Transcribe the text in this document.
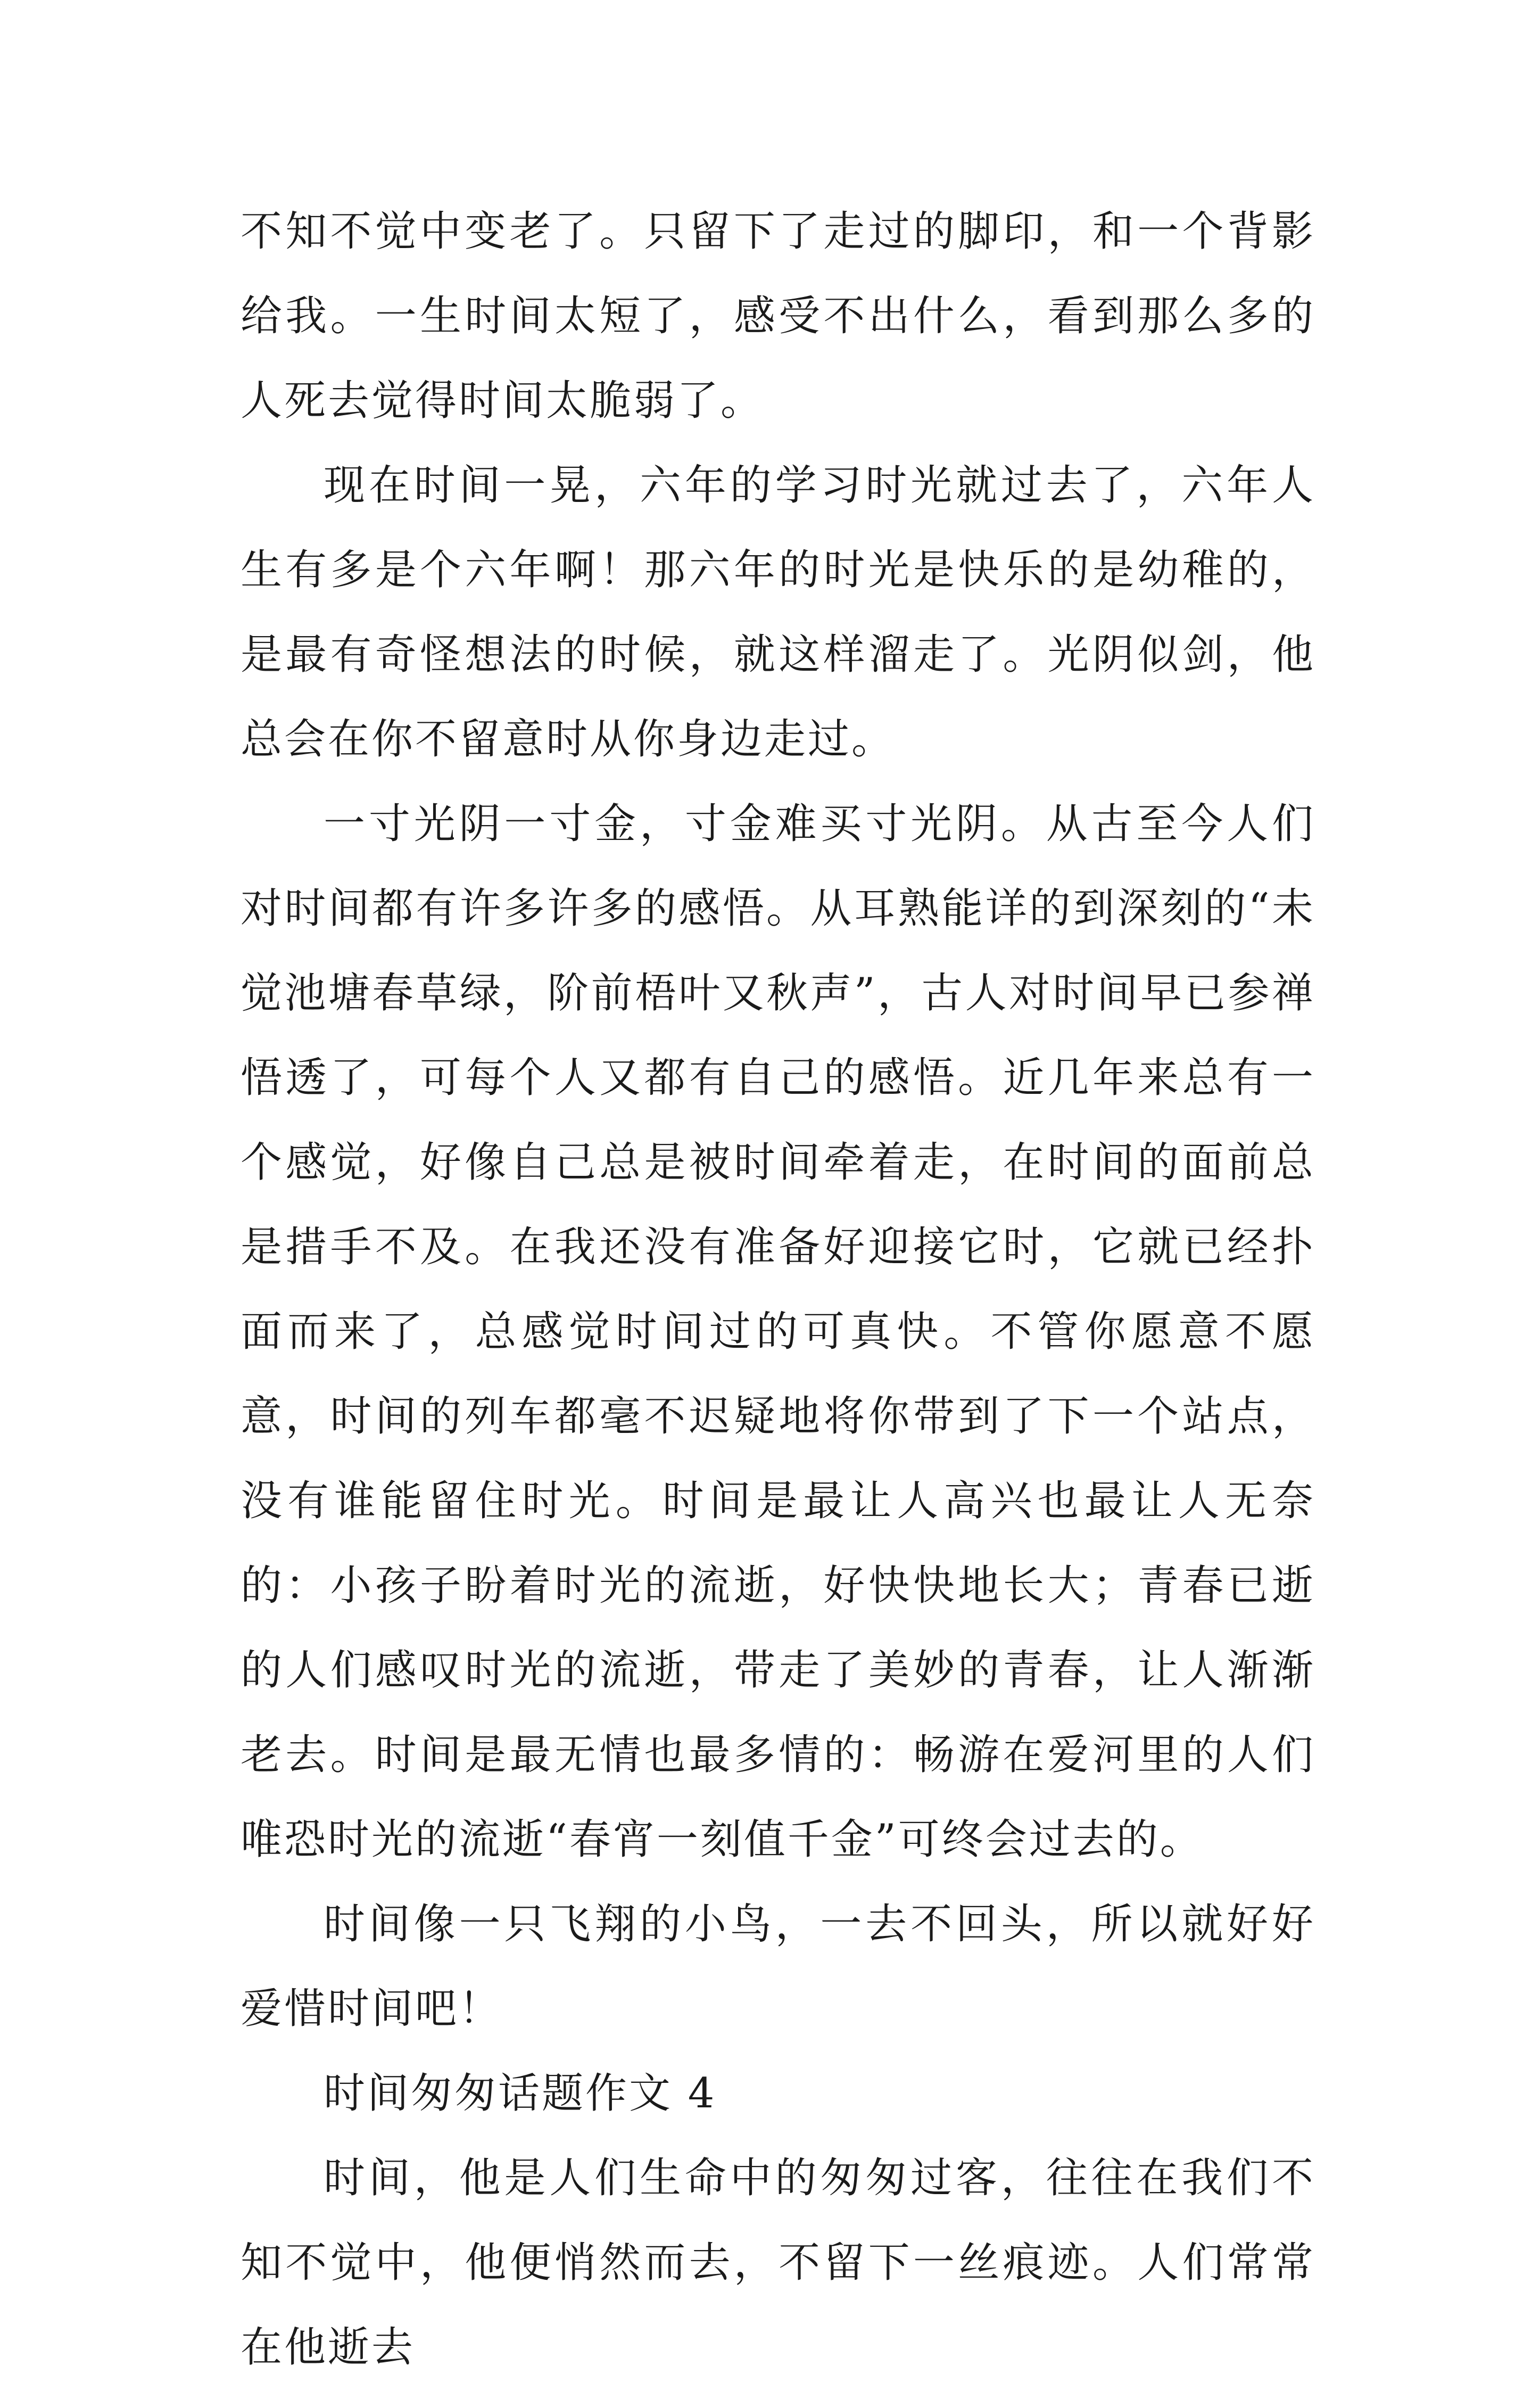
不知不觉中变老了。只留下了走过的脚印，和一个背影给我。一生时间太短了，感受不出什么，看到那么多的人死去觉得时间太脆弱了。

现在时间一晃，六年的学习时光就过去了，六年人生有多是个六年啊！那六年的时光是快乐的是幼稚的，是最有奇怪想法的时候，就这样溜走了。光阴似剑，他总会在你不留意时从你身边走过。

一寸光阴一寸金，寸金难买寸光阴。从古至今人们对时间都有许多许多的感悟。从耳熟能详的到深刻的“未觉池塘春草绿，阶前梧叶又秋声”，古人对时间早已参禅悟透了，可每个人又都有自己的感悟。近几年来总有一个感觉，好像自己总是被时间牵着走，在时间的面前总是措手不及。在我还没有准备好迎接它时，它就已经扑面而来了，总感觉时间过的可真快。不管你愿意不愿意，时间的列车都毫不迟疑地将你带到了下一个站点，没有谁能留住时光。时间是最让人高兴也最让人无奈的：小孩子盼着时光的流逝，好快快地长大；青春已逝的人们感叹时光的流逝，带走了美妙的青春，让人渐渐老去。时间是最无情也最多情的：畅游在爱河里的人们唯恐时光的流逝“春宵一刻值千金”可终会过去的。

时间像一只飞翔的小鸟，一去不回头，所以就好好爱惜时间吧！

时间匆匆话题作文 4

时间，他是人们生命中的匆匆过客，往往在我们不知不觉中，他便悄然而去，不留下一丝痕迹。人们常常在他逝去
